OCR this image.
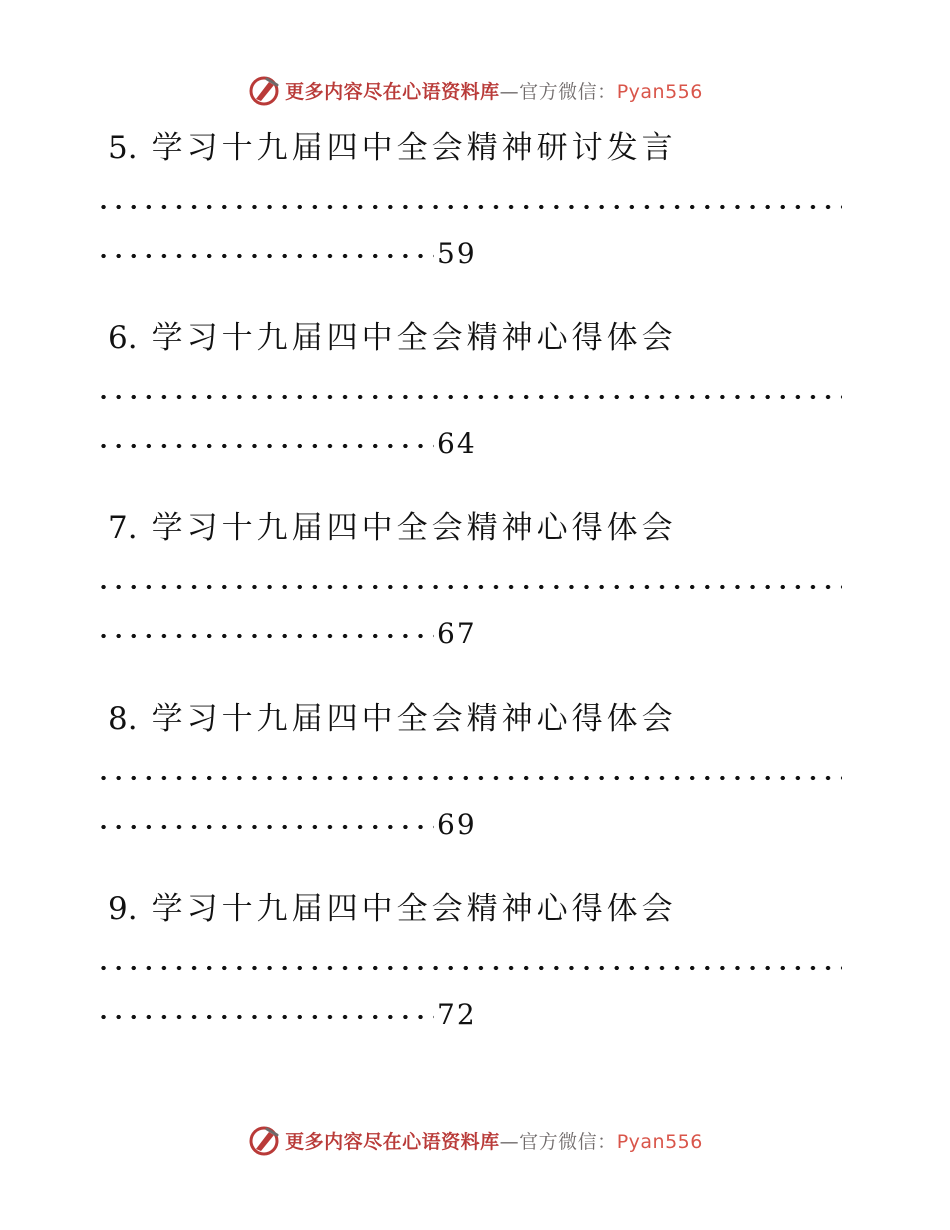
更多内容尽在心语资料库—官方微信：Pyan556
5. 学习十九届四中全会精神研讨发言
59
6. 学习十九届四中全会精神心得体会
64
7. 学习十九届四中全会精神心得体会
67
8. 学习十九届四中全会精神心得体会
69
9. 学习十九届四中全会精神心得体会
72
更多内容尽在心语资料库—官方微信：Pyan556
